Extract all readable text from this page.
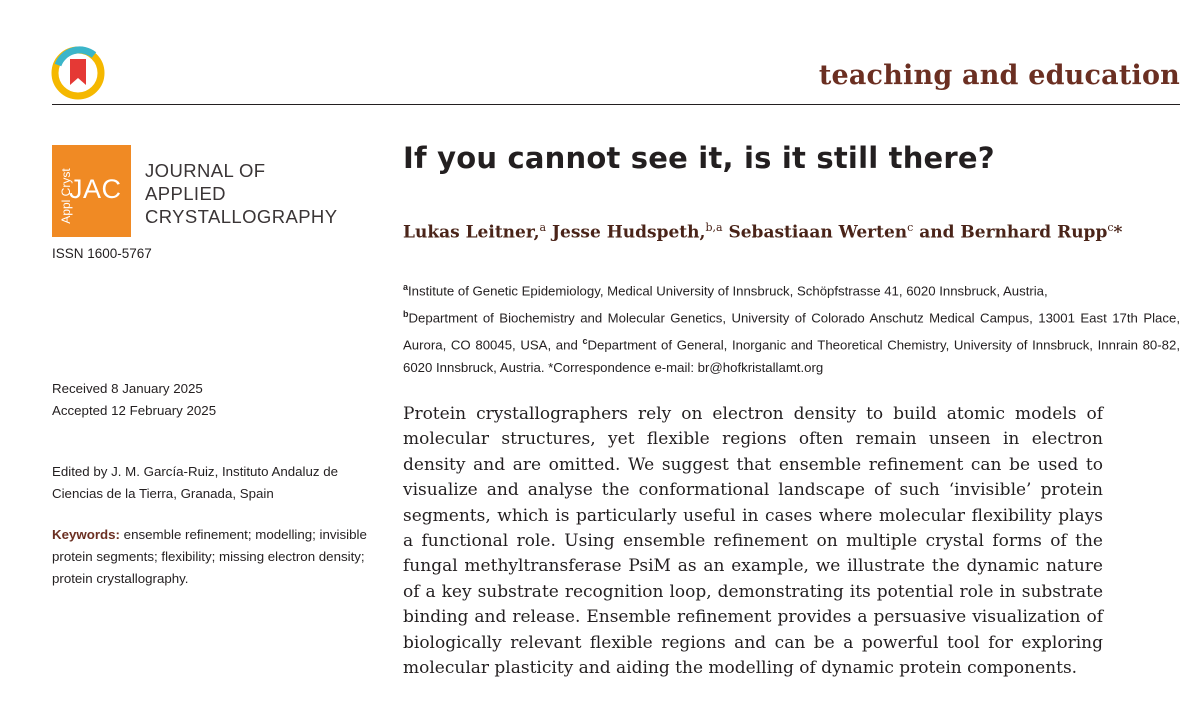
teaching and education
Appl Cryst
JAC
JOURNAL OF
APPLIED
CRYSTALLOGRAPHY
ISSN 1600-5767
Received 8 January 2025
Accepted 12 February 2025
Edited by J. M. García-Ruiz, Instituto Andaluz de Ciencias de la Tierra, Granada, Spain
Keywords: ensemble refinement; modelling; invisible protein segments; flexibility; missing electron density; protein crystallography.
If you cannot see it, is it still there?
Lukas Leitner,$^a$ Jesse Hudspeth,$^{b,a}$ Sebastiaan Werten$^c$ and Bernhard Rupp$^c$*
$^a$Institute of Genetic Epidemiology, Medical University of Innsbruck, Schöpfstrasse 41, 6020 Innsbruck, Austria,
$^b$Department of Biochemistry and Molecular Genetics, University of Colorado Anschutz Medical Campus, 13001 East 17th Place, Aurora, CO 80045, USA, and $^c$Department of General, Inorganic and Theoretical Chemistry, University of Innsbruck, Innrain 80-82, 6020 Innsbruck, Austria. *Correspondence e-mail: br@hofkristallamt.org
Protein crystallographers rely on electron density to build atomic models of molecular structures, yet flexible regions often remain unseen in electron density and are omitted. We suggest that ensemble refinement can be used to visualize and analyse the conformational landscape of such ‘invisible’ protein segments, which is particularly useful in cases where molecular flexibility plays a functional role. Using ensemble refinement on multiple crystal forms of the fungal methyltransferase PsiM as an example, we illustrate the dynamic nature of a key substrate recognition loop, demonstrating its potential role in substrate binding and release. Ensemble refinement provides a persuasive visualization of biologically relevant flexible regions and can be a powerful tool for exploring molecular plasticity and aiding the modelling of dynamic protein components.
